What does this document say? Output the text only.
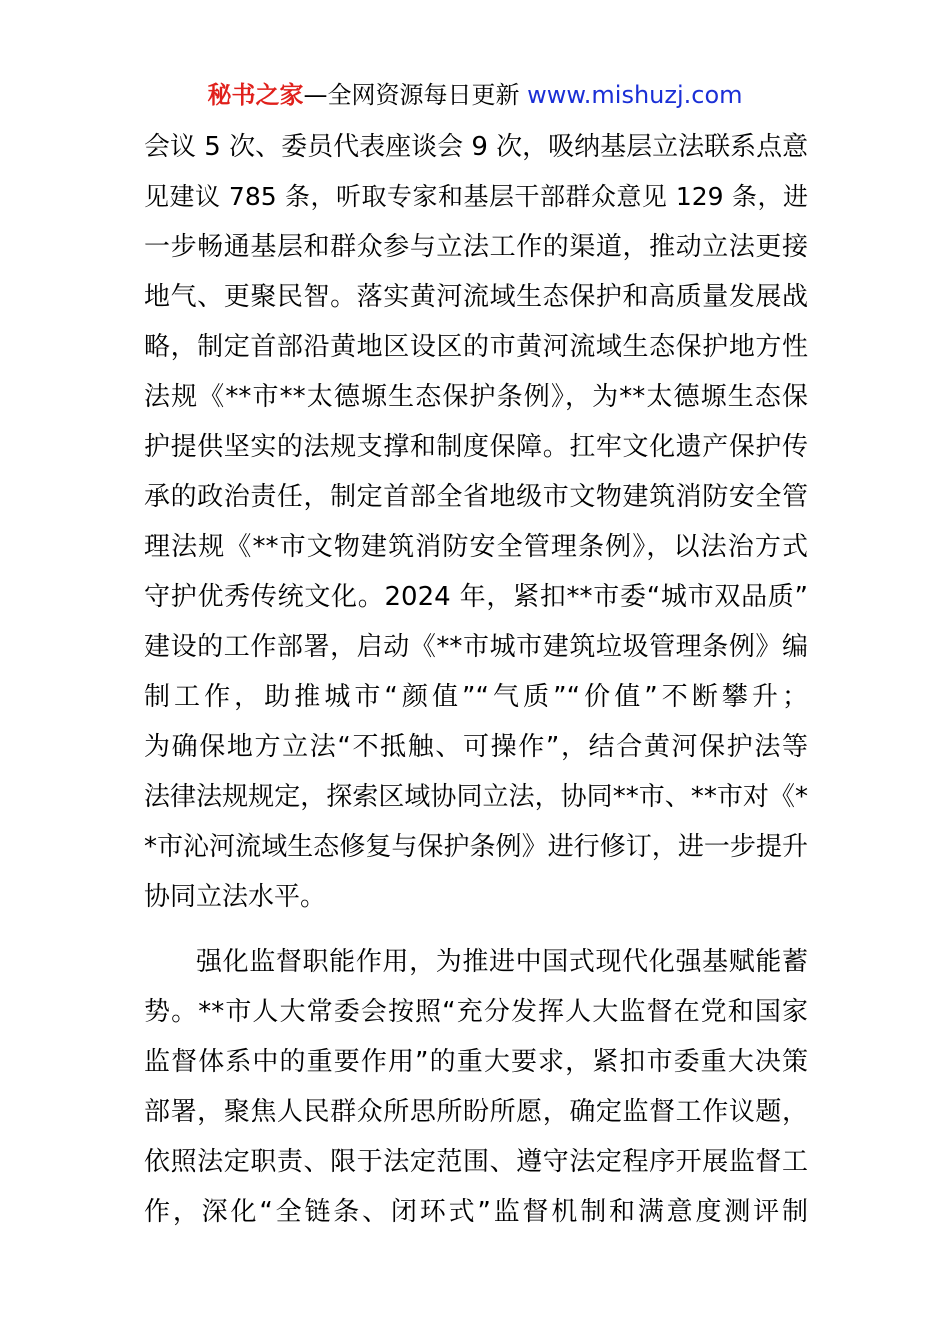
秘书之家—全网资源每日更新 www.mishuzj.com
会议 5 次、委员代表座谈会 9 次，吸纳基层立法联系点意
见建议 785 条，听取专家和基层干部群众意见 129 条，进
一步畅通基层和群众参与立法工作的渠道，推动立法更接
地气、更聚民智。落实黄河流域生态保护和高质量发展战
略，制定首部沿黄地区设区的市黄河流域生态保护地方性
法规《**市**太德塬生态保护条例》，为**太德塬生态保
护提供坚实的法规支撑和制度保障。扛牢文化遗产保护传
承的政治责任，制定首部全省地级市文物建筑消防安全管
理法规《**市文物建筑消防安全管理条例》，以法治方式
守护优秀传统文化。2024 年，紧扣**市委“城市双品质”
建设的工作部署，启动《**市城市建筑垃圾管理条例》编
制工作，助推城市“颜值”“气质”“价值”不断攀升；
为确保地方立法“不抵触、可操作”，结合黄河保护法等
法律法规规定，探索区域协同立法，协同**市、**市对《*
*市沁河流域生态修复与保护条例》进行修订，进一步提升
协同立法水平。
强化监督职能作用，为推进中国式现代化强基赋能蓄
势。**市人大常委会按照“充分发挥人大监督在党和国家
监督体系中的重要作用”的重大要求，紧扣市委重大决策
部署，聚焦人民群众所思所盼所愿，确定监督工作议题，
依照法定职责、限于法定范围、遵守法定程序开展监督工
作，深化“全链条、闭环式”监督机制和满意度测评制
